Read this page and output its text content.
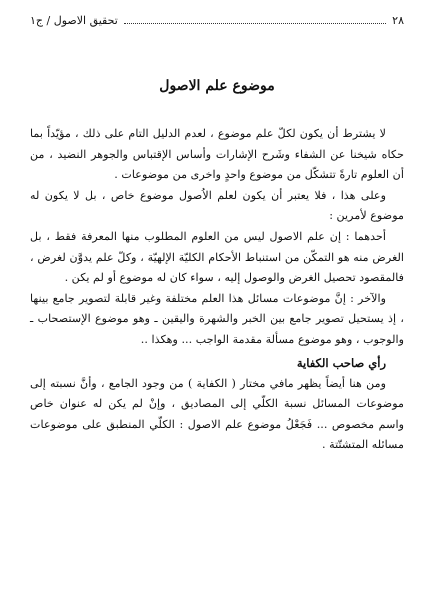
٢٨
تحقيق الاصول / ج١
موضوع علم الاصول

لا يشترط أن يكون لكلّ علم موضوع ، لعدم الدليل التام على ذلك ، مؤيّداً بما حكاه شيخنا عن الشفاء وشَرح الإشارات وأساس الإقتباس والجوهر النضيد ، من أن العلوم تارةً تتشكّل من موضوع واحدٍ واخرى من موضوعات .

وعلى هذا ، فلا يعتبر أن يكون لعلم الاُصول موضوع خاص ، بل لا يكون له موضوع لأمرين :

أحدهما : إن علم الاصول ليس من العلوم المطلوب منها المعرفة فقط ، بل الغرض منه هو التمكّن من استنباط الأحكام الكليّة الإلهيّة ، وكلّ علم يدوَّن لغرض ، فالمقصود تحصيل الغرض والوصول إليه ، سواء كان له موضوع أو لم يكن .

والآخر : إنَّ موضوعات مسائل هذا العلم مختلفة وغير قابلة لتصوير جامع بينها ، إذ يستحيل تصوير جامع بين الخبر والشهرة واليقين ـ وهو موضوع الإستصحاب ـ والوجوب ، وهو موضوع مسألة مقدمة الواجب ... وهكذا ..

رأي صاحب الكفاية

ومن هنا أيضاً يظهر مافي مختار ( الكفاية ) من وجود الجامع ، وأنَّ نسبته إلى موضوعات المسائل نسبة الكلّي إلى المصاديق ، وإنْ لم يكن له عنوان خاص واسم مخصوص ... فَجَعْلُ موضوع علم الاصول : الكلّي المنطبق على موضوعات مسائله المتشتّتة .
